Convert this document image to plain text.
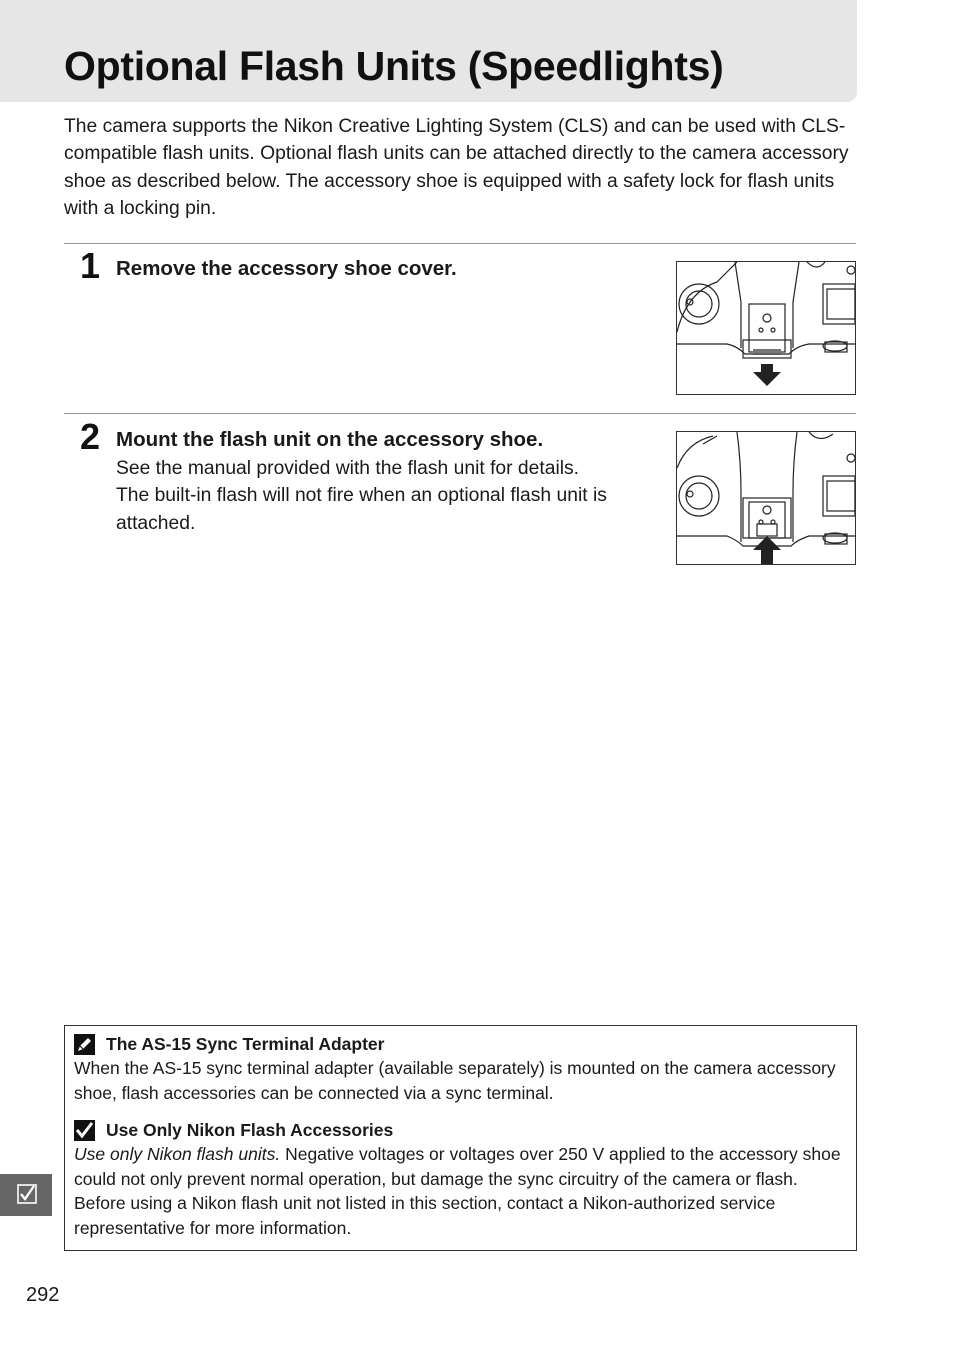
Optional Flash Units (Speedlights)

The camera supports the Nikon Creative Lighting System (CLS) and can be used with CLS-compatible flash units. Optional flash units can be attached directly to the camera accessory shoe as described below. The accessory shoe is equipped with a safety lock for flash units with a locking pin.

1 Remove the accessory shoe cover.
2 Mount the flash unit on the accessory shoe.

See the manual provided with the flash unit for details.

The built-in flash will not fire when an optional flash unit is attached.

The AS-15 Sync Terminal Adapter

When the AS-15 sync terminal adapter (available separately) is mounted on the camera accessory shoe, flash accessories can be connected via a sync terminal.

Use Only Nikon Flash Accessories

Use only Nikon flash units. Negative voltages or voltages over 250 V applied to the accessory shoe could not only prevent normal operation, but damage the sync circuitry of the camera or flash. Before using a Nikon flash unit not listed in this section, contact a Nikon-authorized service representative for more information.

292
